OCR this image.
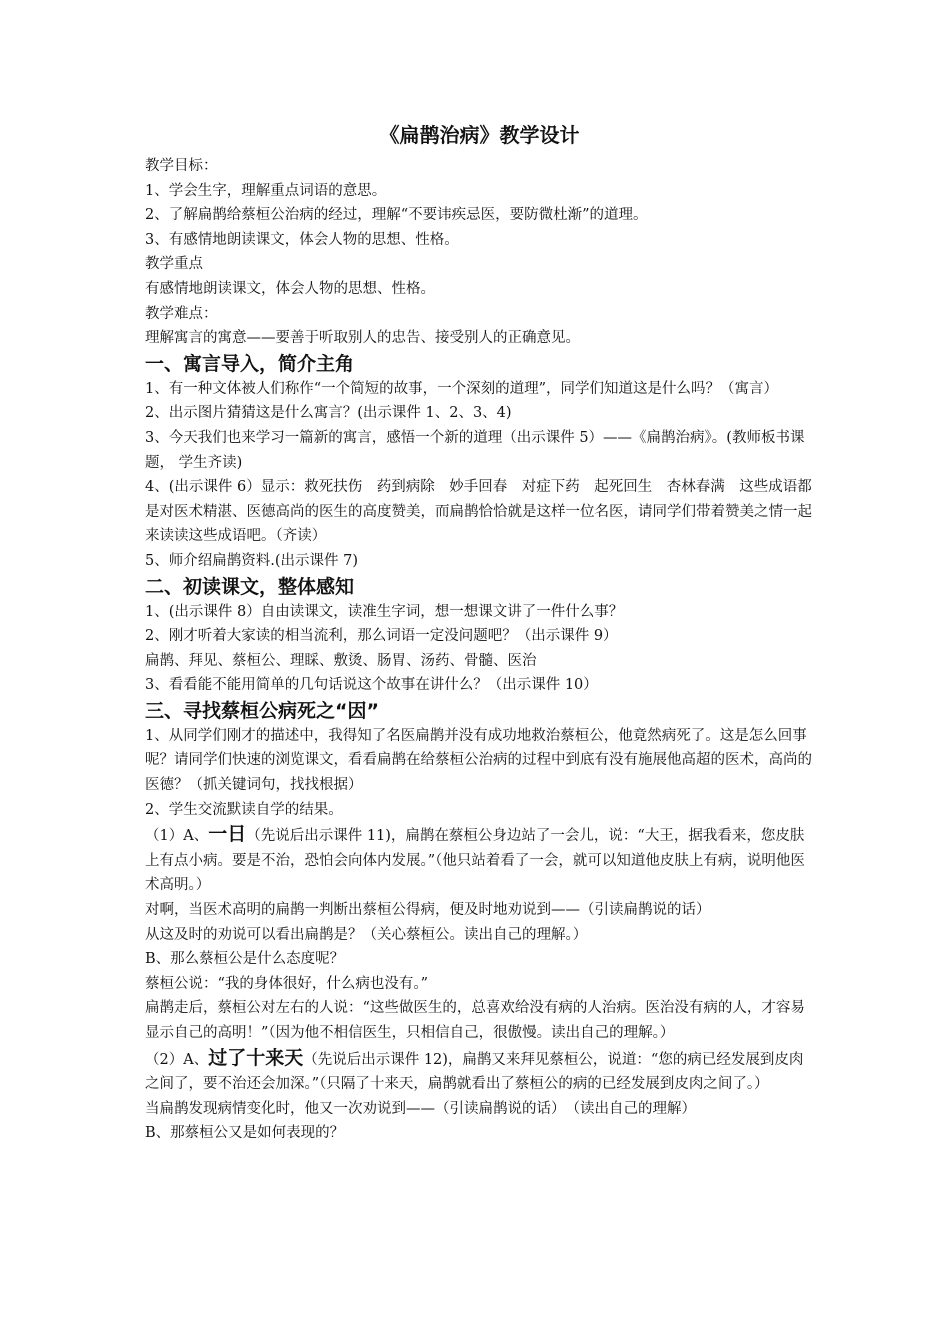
《扁鹊治病》教学设计
教学目标：
1、学会生字，理解重点词语的意思。
2、了解扁鹊给蔡桓公治病的经过，理解“不要讳疾忌医，要防微杜渐”的道理。
3、有感情地朗读课文，体会人物的思想、性格。
教学重点
有感情地朗读课文，体会人物的思想、性格。
教学难点：
理解寓言的寓意——要善于听取别人的忠告、接受别人的正确意见。
一、寓言导入，简介主角
1、有一种文体被人们称作“一个简短的故事，一个深刻的道理”，同学们知道这是什么吗？（寓言）
2、出示图片猜猜这是什么寓言？(出示课件 1、2、3、4)
3、今天我们也来学习一篇新的寓言，感悟一个新的道理（出示课件 5）——《扁鹊治病》。(教师板书课题， 学生齐读)
4、(出示课件 6）显示：救死扶伤　药到病除　妙手回春　对症下药　起死回生　杏林春满　这些成语都是对医术精湛、医德高尚的医生的高度赞美，而扁鹊恰恰就是这样一位名医，请同学们带着赞美之情一起来读读这些成语吧。（齐读）
5、师介绍扁鹊资料.(出示课件 7)
二、初读课文，整体感知
1、(出示课件 8）自由读课文，读准生字词，想一想课文讲了一件什么事？
2、刚才听着大家读的相当流利，那么词语一定没问题吧？（出示课件 9）
扁鹊、拜见、蔡桓公、理睬、敷烫、肠胃、汤药、骨髓、医治
3、看看能不能用简单的几句话说这个故事在讲什么？（出示课件 10）
三、寻找蔡桓公病死之“因”
1、从同学们刚才的描述中，我得知了名医扁鹊并没有成功地救治蔡桓公，他竟然病死了。这是怎么回事呢？请同学们快速的浏览课文，看看扁鹊在给蔡桓公治病的过程中到底有没有施展他高超的医术，高尚的医德？（抓关键词句，找找根据）
2、学生交流默读自学的结果。
（1）A、一日（先说后出示课件 11)，扁鹊在蔡桓公身边站了一会儿，说：“大王，据我看来，您皮肤上有点小病。要是不治，恐怕会向体内发展。”（他只站着看了一会，就可以知道他皮肤上有病，说明他医术高明。）
对啊，当医术高明的扁鹊一判断出蔡桓公得病，便及时地劝说到——（引读扁鹊说的话）
从这及时的劝说可以看出扁鹊是？（关心蔡桓公。读出自己的理解。）
B、那么蔡桓公是什么态度呢？
蔡桓公说：“我的身体很好，什么病也没有。”
扁鹊走后，蔡桓公对左右的人说：“这些做医生的，总喜欢给没有病的人治病。医治没有病的人，才容易显示自己的高明！”（因为他不相信医生，只相信自己，很傲慢。读出自己的理解。）
（2）A、过了十来天（先说后出示课件 12)，扁鹊又来拜见蔡桓公，说道：“您的病已经发展到皮肉之间了，要不治还会加深。”（只隔了十来天，扁鹊就看出了蔡桓公的病的已经发展到皮肉之间了。）
当扁鹊发现病情变化时，他又一次劝说到——（引读扁鹊说的话）　（读出自己的理解）
B、那蔡桓公又是如何表现的？
